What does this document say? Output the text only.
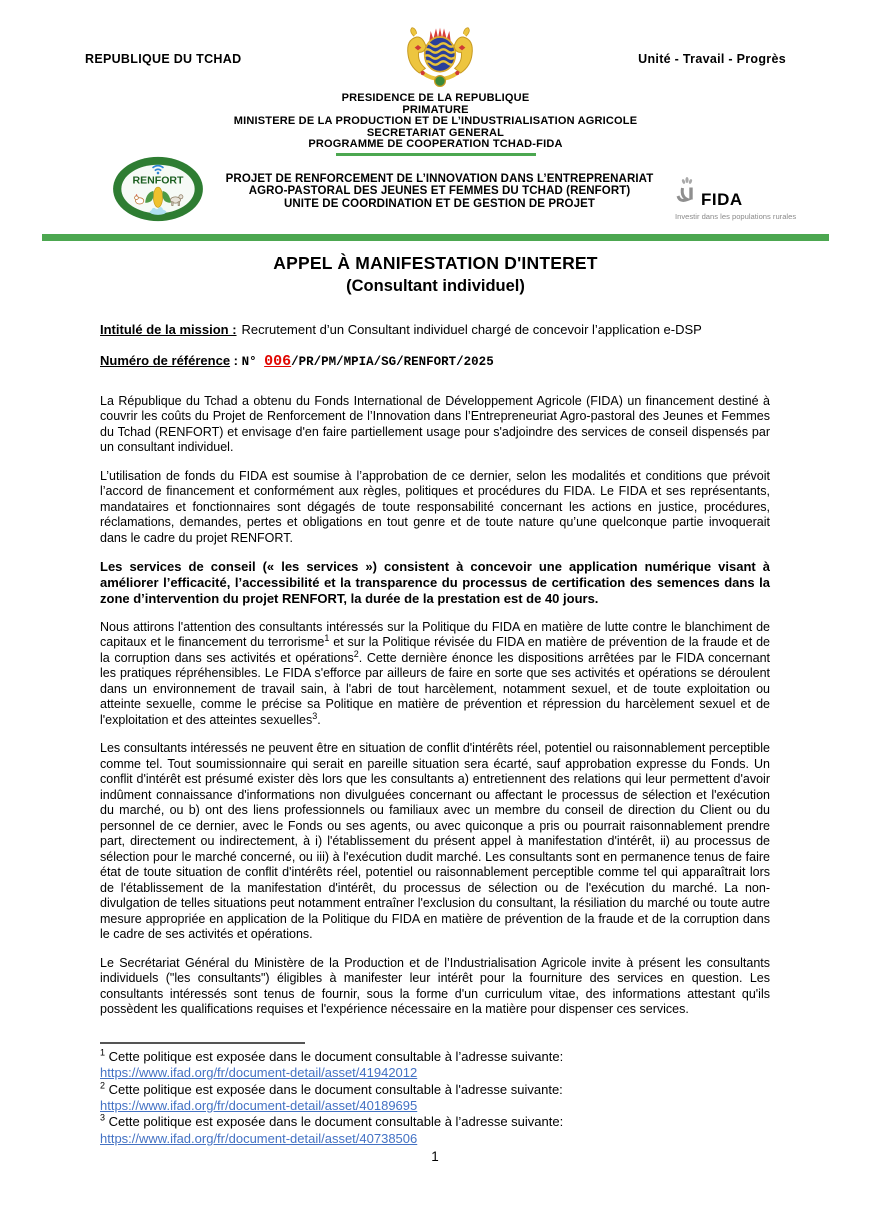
REPUBLIQUE DU TCHAD	Unité - Travail - Progrès
PRESIDENCE DE LA REPUBLIQUE
PRIMATURE
MINISTERE DE LA PRODUCTION ET DE L’INDUSTRIALISATION AGRICOLE
SECRETARIAT GENERAL
PROGRAMME DE COOPERATION TCHAD-FIDA
RENFORT	PROJET DE RENFORCEMENT DE L’INNOVATION DANS L’ENTREPRENARIAT
AGRO-PASTORAL DES JEUNES ET FEMMES DU TCHAD (RENFORT)
UNITE DE COORDINATION ET DE GESTION DE PROJET	FIDA
Investir dans les populations rurales
APPEL À MANIFESTATION D'INTERET
(Consultant individuel)

Intitulé de la mission : Recrutement d’un Consultant individuel chargé de concevoir l’application e-DSP

Numéro de référence : N° 006/PR/PM/MPIA/SG/RENFORT/2025

La République du Tchad a obtenu du Fonds International de Développement Agricole (FIDA) un financement destiné à couvrir les coûts du Projet de Renforcement de l’Innovation dans l’Entrepreneuriat Agro-pastoral des Jeunes et Femmes du Tchad (RENFORT) et envisage d'en faire partiellement usage pour s'adjoindre des services de conseil dispensés par un consultant individuel.

L’utilisation de fonds du FIDA est soumise à l’approbation de ce dernier, selon les modalités et conditions que prévoit l’accord de financement et conformément aux règles, politiques et procédures du FIDA. Le FIDA et ses représentants, mandataires et fonctionnaires sont dégagés de toute responsabilité concernant les actions en justice, procédures, réclamations, demandes, pertes et obligations en tout genre et de toute nature qu’une quelconque partie invoquerait dans le cadre du projet RENFORT.

Les services de conseil (« les services ») consistent à concevoir une application numérique visant à améliorer l’efficacité, l’accessibilité et la transparence du processus de certification des semences dans la zone d’intervention du projet RENFORT, la durée de la prestation est de 40 jours.

Nous attirons l'attention des consultants intéressés sur la Politique du FIDA en matière de lutte contre le blanchiment de capitaux et le financement du terrorisme$^1$ et sur la Politique révisée du FIDA en matière de prévention de la fraude et de la corruption dans ses activités et opérations$^2$. Cette dernière énonce les dispositions arrêtées par le FIDA concernant les pratiques répréhensibles. Le FIDA s'efforce par ailleurs de faire en sorte que ses activités et opérations se déroulent dans un environnement de travail sain, à l'abri de tout harcèlement, notamment sexuel, et de toute exploitation ou atteinte sexuelle, comme le précise sa Politique en matière de prévention et répression du harcèlement sexuel et de l'exploitation et des atteintes sexuelles$^3$.

Les consultants intéressés ne peuvent être en situation de conflit d'intérêts réel, potentiel ou raisonnablement perceptible comme tel. Tout soumissionnaire qui serait en pareille situation sera écarté, sauf approbation expresse du Fonds. Un conflit d'intérêt est présumé exister dès lors que les consultants a) entretiennent des relations qui leur permettent d'avoir indûment connaissance d'informations non divulguées concernant ou affectant le processus de sélection et l'exécution du marché, ou b) ont des liens professionnels ou familiaux avec un membre du conseil de direction du Client ou du personnel de ce dernier, avec le Fonds ou ses agents, ou avec quiconque a pris ou pourrait raisonnablement prendre part, directement ou indirectement, à i) l'établissement du présent appel à manifestation d'intérêt, ii) au processus de sélection pour le marché concerné, ou iii) à l'exécution dudit marché. Les consultants sont en permanence tenus de faire état de toute situation de conflit d'intérêts réel, potentiel ou raisonnablement perceptible comme tel qui apparaîtrait lors de l'établissement de la manifestation d'intérêt, du processus de sélection ou de l'exécution du marché. La non-divulgation de telles situations peut notamment entraîner l'exclusion du consultant, la résiliation du marché ou toute autre mesure appropriée en application de la Politique du FIDA en matière de prévention de la fraude et de la corruption dans le cadre de ses activités et opérations.

Le Secrétariat Général du Ministère de la Production et de l’Industrialisation Agricole invite à présent les consultants individuels ("les consultants") éligibles à manifester leur intérêt pour la fourniture des services en question. Les consultants intéressés sont tenus de fournir, sous la forme d'un curriculum vitae, des informations attestant qu'ils possèdent les qualifications requises et l'expérience nécessaire en la matière pour dispenser ces services.

$^1$ Cette politique est exposée dans le document consultable à l’adresse suivante:
https://www.ifad.org/fr/document-detail/asset/41942012
$^2$ Cette politique est exposée dans le document consultable à l'adresse suivante:
https://www.ifad.org/fr/document-detail/asset/40189695
$^3$ Cette politique est exposée dans le document consultable à l’adresse suivante:
https://www.ifad.org/fr/document-detail/asset/40738506
1
